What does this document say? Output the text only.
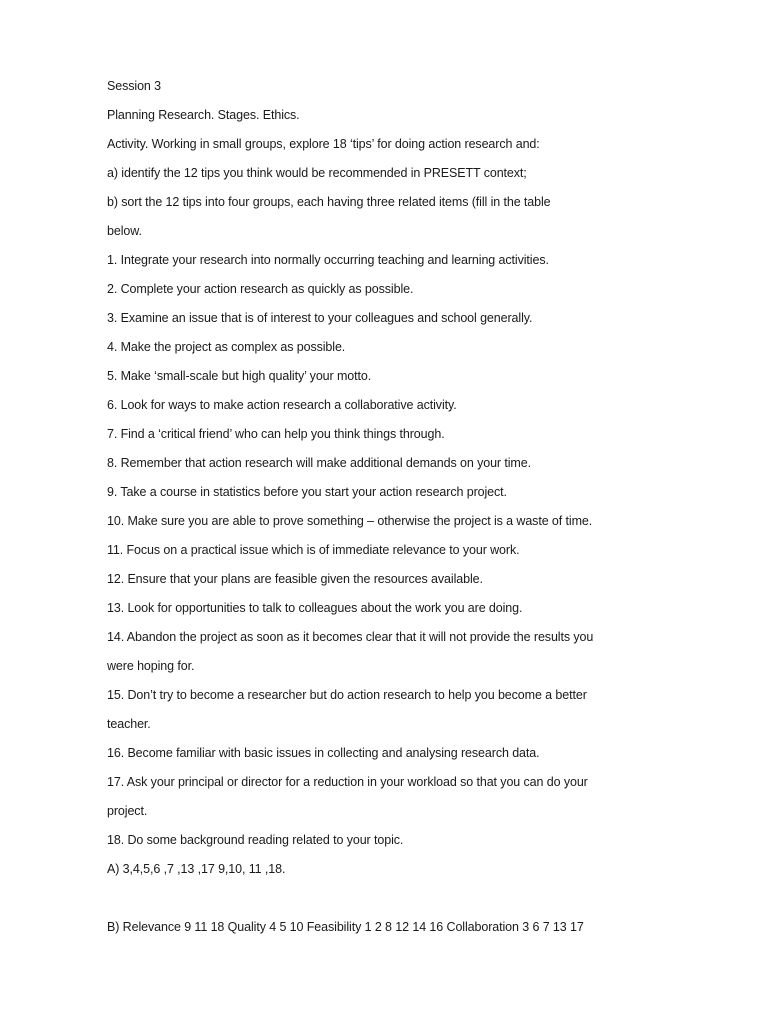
Session 3
Planning Research. Stages. Ethics.
Activity. Working in small groups, explore 18 ‘tips’ for doing action research and:
a) identify the 12 tips you think would be recommended in PRESETT context;
b) sort the 12 tips into four groups, each having three related items (fill in the table
below.
1. Integrate your research into normally occurring teaching and learning activities.
2. Complete your action research as quickly as possible.
3. Examine an issue that is of interest to your colleagues and school generally.
4. Make the project as complex as possible.
5. Make ‘small-scale but high quality’ your motto.
6. Look for ways to make action research a collaborative activity.
7. Find a ‘critical friend’ who can help you think things through.
8. Remember that action research will make additional demands on your time.
9. Take a course in statistics before you start your action research project.
10. Make sure you are able to prove something – otherwise the project is a waste of time.
11. Focus on a practical issue which is of immediate relevance to your work.
12. Ensure that your plans are feasible given the resources available.
13. Look for opportunities to talk to colleagues about the work you are doing.
14. Abandon the project as soon as it becomes clear that it will not provide the results you
were hoping for.
15. Don’t try to become a researcher but do action research to help you become a better
teacher.
16. Become familiar with basic issues in collecting and analysing research data.
17. Ask your principal or director for a reduction in your workload so that you can do your
project.
18. Do some background reading related to your topic.
A) 3,4,5,6 ,7 ,13 ,17 9,10, 11 ,18.
B) Relevance 9 11 18 Quality 4 5 10 Feasibility 1 2 8 12 14 16 Collaboration 3 6 7 13 17
